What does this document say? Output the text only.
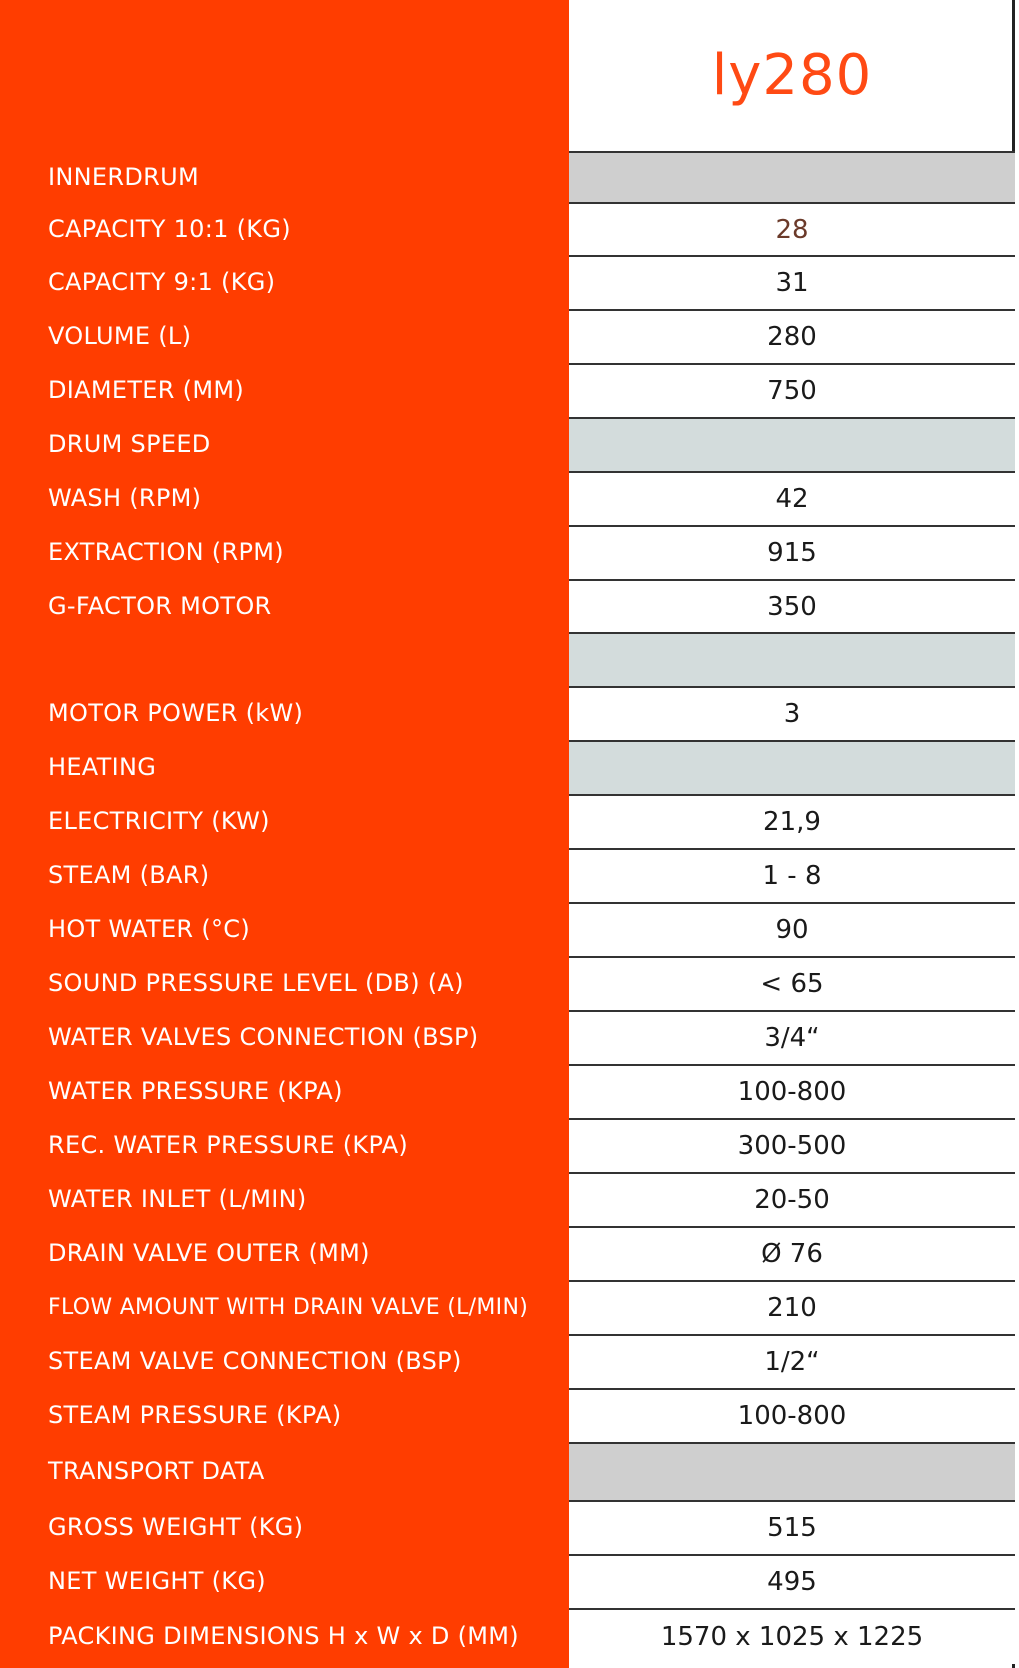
ly280
INNERDRUM
CAPACITY 10:1 (KG)	28
CAPACITY 9:1 (KG)	31
VOLUME (L)	280
DIAMETER (MM)	750
DRUM SPEED
WASH (RPM)	42
EXTRACTION (RPM)	915
G-FACTOR MOTOR	350
MOTOR POWER (kW)	3
HEATING
ELECTRICITY (KW)	21,9
STEAM (BAR)	1 - 8
HOT WATER (°C)	90
SOUND PRESSURE LEVEL (DB) (A)	< 65
WATER VALVES CONNECTION (BSP)	3/4“
WATER PRESSURE (KPA)	100-800
REC. WATER PRESSURE (KPA)	300-500
WATER INLET (L/MIN)	20-50
DRAIN VALVE OUTER (MM)	Ø 76
FLOW AMOUNT WITH DRAIN VALVE (L/MIN)	210
STEAM VALVE CONNECTION (BSP)	1/2“
STEAM PRESSURE (KPA)	100-800
TRANSPORT DATA
GROSS WEIGHT (KG)	515
NET WEIGHT (KG)	495
PACKING DIMENSIONS H x W x D (MM)	1570 x 1025 x 1225
